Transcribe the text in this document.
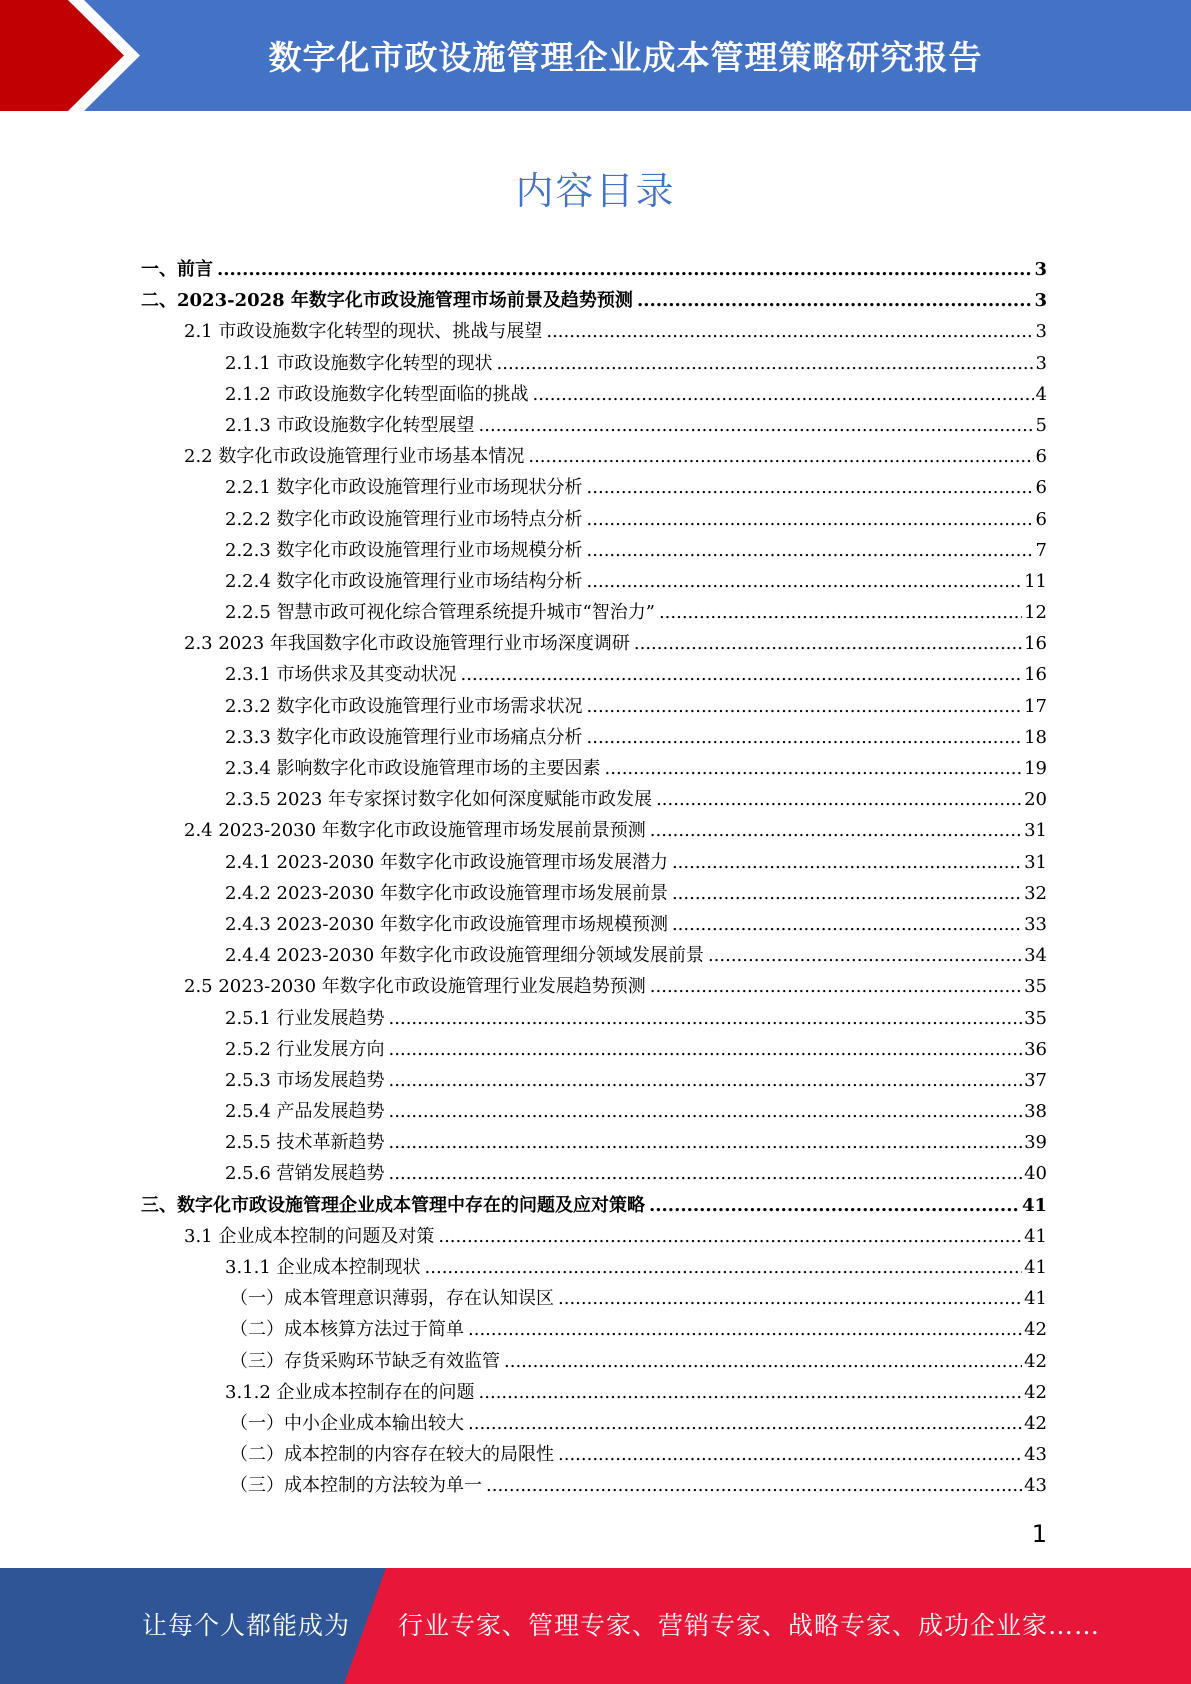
数字化市政设施管理企业成本管理策略研究报告
内容目录
一、前言 .....	3
二、2023-2028 年数字化市政设施管理市场前景及趋势预测 .....	3
2.1 市政设施数字化转型的现状、挑战与展望 .....	3
2.1.1 市政设施数字化转型的现状 .....	3
2.1.2 市政设施数字化转型面临的挑战 .....	4
2.1.3 市政设施数字化转型展望 .....	5
2.2 数字化市政设施管理行业市场基本情况 .....	6
2.2.1 数字化市政设施管理行业市场现状分析 .....	6
2.2.2 数字化市政设施管理行业市场特点分析 .....	6
2.2.3 数字化市政设施管理行业市场规模分析 .....	7
2.2.4 数字化市政设施管理行业市场结构分析 .....	11
2.2.5 智慧市政可视化综合管理系统提升城市“智治力” .....	12
2.3 2023 年我国数字化市政设施管理行业市场深度调研 .....	16
2.3.1 市场供求及其变动状况 .....	16
2.3.2 数字化市政设施管理行业市场需求状况 .....	17
2.3.3 数字化市政设施管理行业市场痛点分析 .....	18
2.3.4 影响数字化市政设施管理市场的主要因素 .....	19
2.3.5 2023 年专家探讨数字化如何深度赋能市政发展 .....	20
2.4 2023-2030 年数字化市政设施管理市场发展前景预测 .....	31
2.4.1 2023-2030 年数字化市政设施管理市场发展潜力 .....	31
2.4.2 2023-2030 年数字化市政设施管理市场发展前景 .....	32
2.4.3 2023-2030 年数字化市政设施管理市场规模预测 .....	33
2.4.4 2023-2030 年数字化市政设施管理细分领域发展前景 .....	34
2.5 2023-2030 年数字化市政设施管理行业发展趋势预测 .....	35
2.5.1 行业发展趋势 .....	35
2.5.2 行业发展方向 .....	36
2.5.3 市场发展趋势 .....	37
2.5.4 产品发展趋势 .....	38
2.5.5 技术革新趋势 .....	39
2.5.6 营销发展趋势 .....	40
三、数字化市政设施管理企业成本管理中存在的问题及应对策略 .....	41
3.1 企业成本控制的问题及对策 .....	41
3.1.1 企业成本控制现状 .....	41
（一）成本管理意识薄弱，存在认知误区 .....	41
（二）成本核算方法过于简单 .....	42
（三）存货采购环节缺乏有效监管 .....	42
3.1.2 企业成本控制存在的问题 .....	42
（一）中小企业成本输出较大 .....	42
（二）成本控制的内容存在较大的局限性 .....	43
（三）成本控制的方法较为单一 .....	43
1
让每个人都能成为 行业专家、管理专家、营销专家、战略专家、成功企业家……
